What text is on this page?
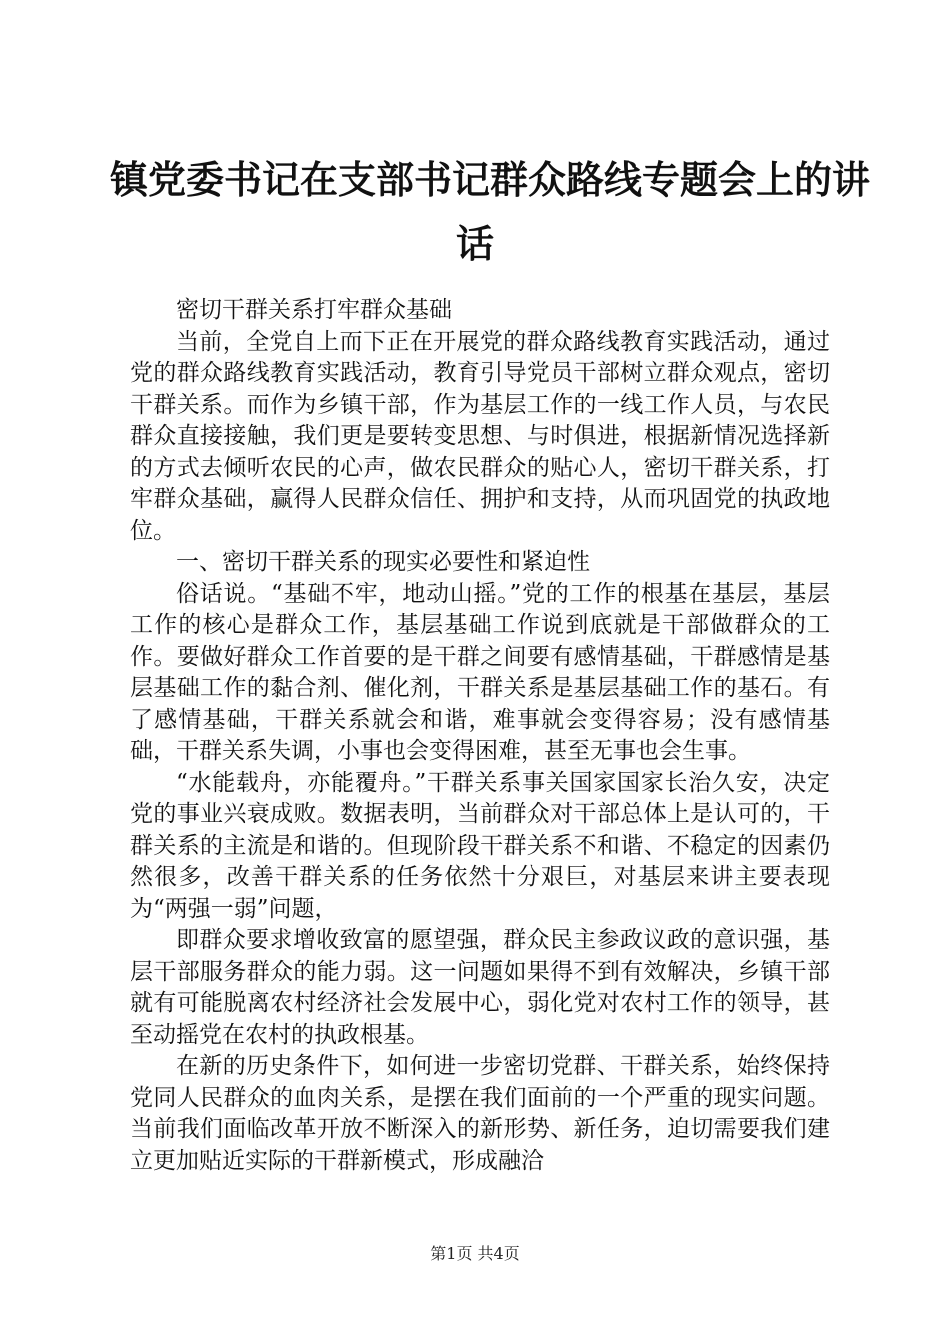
镇党委书记在支部书记群众路线专题会上的讲
话

密切干群关系打牢群众基础

当前，全党自上而下正在开展党的群众路线教育实践活动，通过党的群众路线教育实践活动，教育引导党员干部树立群众观点，密切干群关系。而作为乡镇干部，作为基层工作的一线工作人员，与农民群众直接接触，我们更是要转变思想、与时俱进，根据新情况选择新的方式去倾听农民的心声，做农民群众的贴心人，密切干群关系，打牢群众基础，赢得人民群众信任、拥护和支持，从而巩固党的执政地位。

一、密切干群关系的现实必要性和紧迫性

俗话说。“基础不牢，地动山摇。”党的工作的根基在基层，基层工作的核心是群众工作，基层基础工作说到底就是干部做群众的工作。要做好群众工作首要的是干群之间要有感情基础，干群感情是基层基础工作的黏合剂、催化剂，干群关系是基层基础工作的基石。有了感情基础，干群关系就会和谐，难事就会变得容易；没有感情基础，干群关系失调，小事也会变得困难，甚至无事也会生事。

“水能载舟，亦能覆舟。”干群关系事关国家国家长治久安，决定党的事业兴衰成败。数据表明，当前群众对干部总体上是认可的，干群关系的主流是和谐的。但现阶段干群关系不和谐、不稳定的因素仍然很多，改善干群关系的任务依然十分艰巨，对基层来讲主要表现为“两强一弱”问题，

即群众要求增收致富的愿望强，群众民主参政议政的意识强，基层干部服务群众的能力弱。这一问题如果得不到有效解决，乡镇干部就有可能脱离农村经济社会发展中心，弱化党对农村工作的领导，甚至动摇党在农村的执政根基。

在新的历史条件下，如何进一步密切党群、干群关系，始终保持党同人民群众的血肉关系，是摆在我们面前的一个严重的现实问题。当前我们面临改革开放不断深入的新形势、新任务，迫切需要我们建立更加贴近实际的干群新模式，形成融洽

第1页 共4页
